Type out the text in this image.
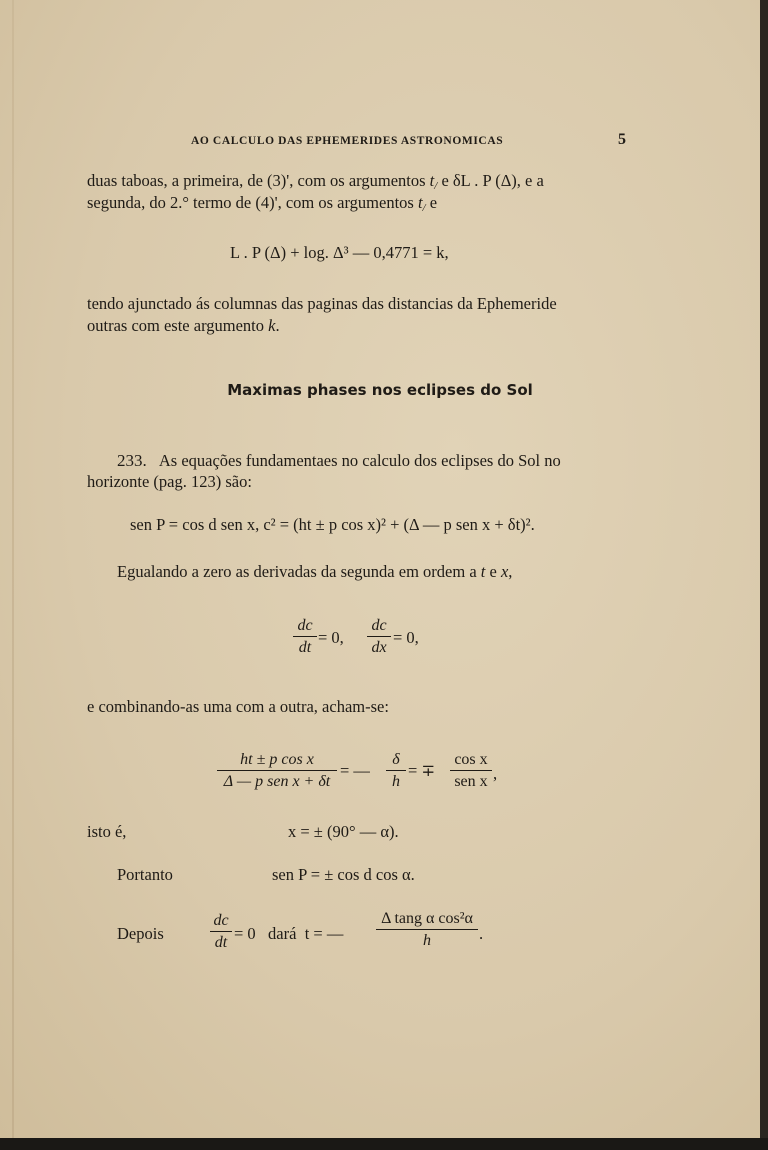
AO CALCULO DAS EPHEMERIDES ASTRONOMICAS	5
duas taboas, a primeira, de (3)', com os argumentos $t_/$ e δL . P (Δ), e a
segunda, do 2.° termo de (4)', com os argumentos $t_/$ e
L . P (Δ) + log. Δ³ — 0,4771 = k,
tendo ajunctado ás columnas das paginas das distancias da Ephemeride
outras com este argumento k.
Maximas phases nos eclipses do Sol
233. As equações fundamentaes no calculo dos eclipses do Sol no
horizonte (pag. 123) são:
sen P = cos d sen x, c² = (ht ± p cos x)² + (Δ — p sen x + δt)².
Egualando a zero as derivadas da segunda em ordem a t e x,
dc
dt
= 0,
dc
dx
= 0,
e combinando-as uma com a outra, acham-se:
ht ± p cos x
Δ — p sen x + δt
= —
δ
h
= ∓
cos x
sen x ,
isto é,	x = ± (90° — α).
Portanto	sen P = ± cos d cos α.
Depois
dc
dt = 0   dará  t = —
Δ tang α cos²α
h	.
